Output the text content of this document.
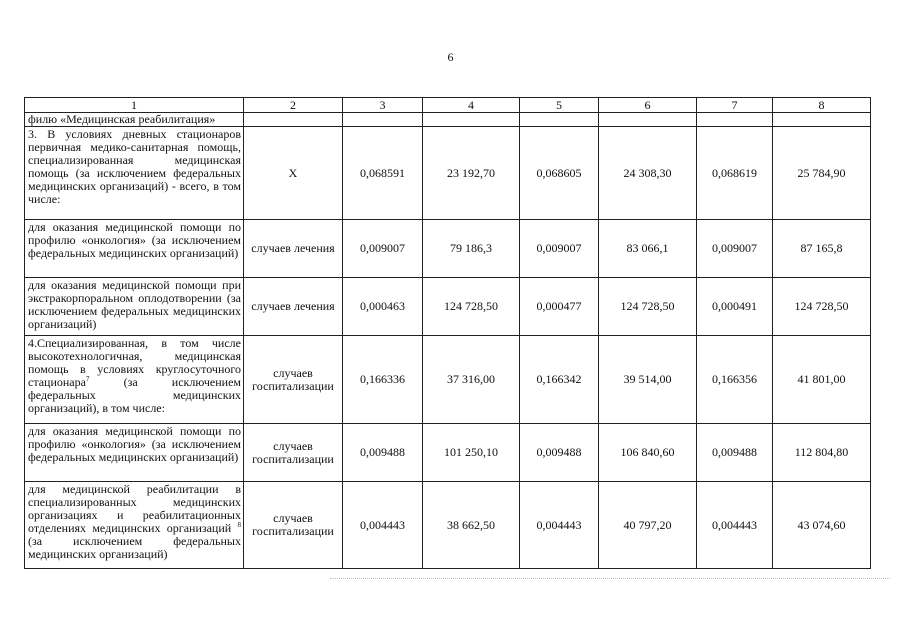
6
1	2	3	4	5	6	7	8
филю «Медицинская реабилитация»							
3. В условиях дневных стационаров первичная медико-санитарная помощь, специализированная медицинская помощь (за исключением федеральных медицинских организаций) - всего, в том числе:	X	0,068591	23 192,70	0,068605	24 308,30	0,068619	25 784,90
для оказания медицинской помощи по профилю «онкология» (за исключением федеральных медицинских организаций)	случаев лечения	0,009007	79 186,3	0,009007	83 066,1	0,009007	87 165,8
для оказания медицинской помощи при экстракорпоральном оплодотворении (за исключением федеральных медицинских организаций)	случаев лечения	0,000463	124 728,50	0,000477	124 728,50	0,000491	124 728,50
4.Специализированная, в том числе высокотехнологичная, медицинская помощь в условиях круглосуточного стационара$^7$ (за исключением федеральных медицинских организаций), в том числе:	случаев госпитализации	0,166336	37 316,00	0,166342	39 514,00	0,166356	41 801,00
для оказания медицинской помощи по профилю «онкология» (за исключением федеральных медицинских организаций)	случаев госпитализации	0,009488	101 250,10	0,009488	106 840,60	0,009488	112 804,80
для медицинской реабилитации в специализированных медицинских организациях и реабилитационных отделениях медицинских организаций $^8$ (за исключением федеральных медицинских организаций)	случаев госпитализации	0,004443	38 662,50	0,004443	40 797,20	0,004443	43 074,60
